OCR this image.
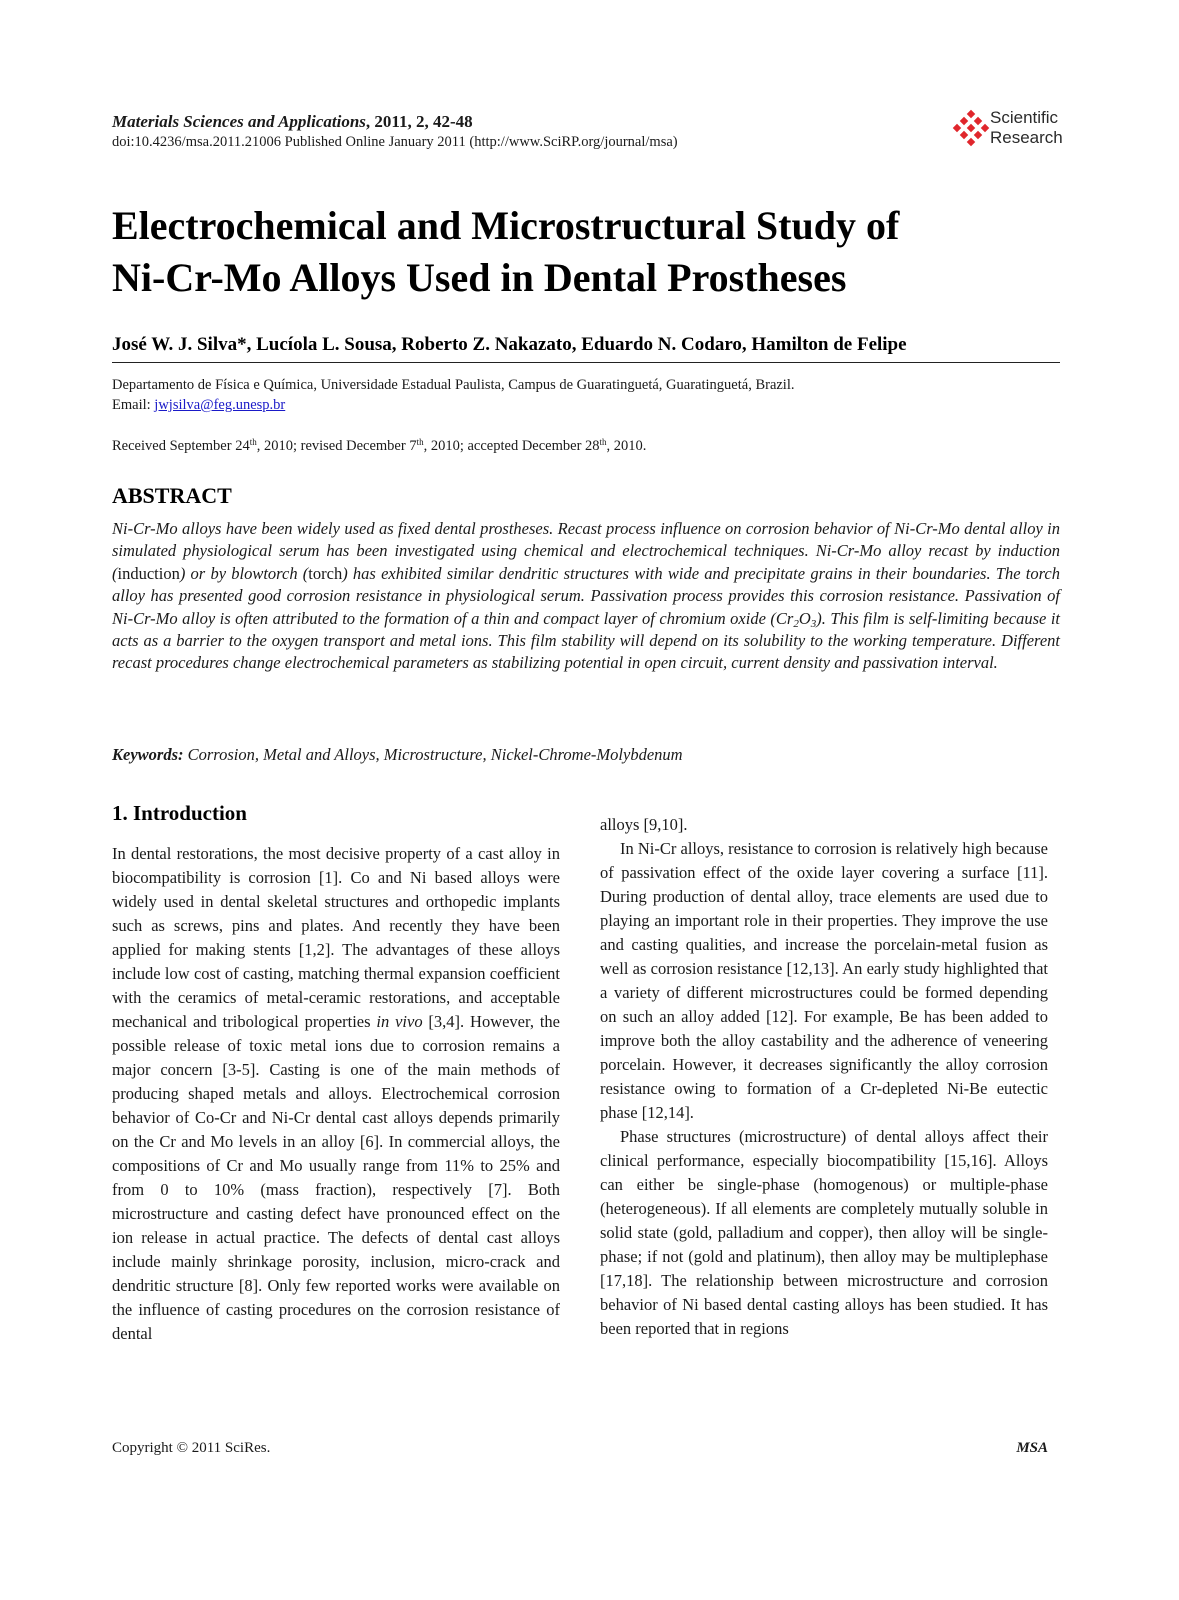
Materials Sciences and Applications, 2011, 2, 42-48
doi:10.4236/msa.2011.21006 Published Online January 2011 (http://www.SciRP.org/journal/msa)
Scientific
Research
Electrochemical and Microstructural Study of
Ni-Cr-Mo Alloys Used in Dental Prostheses
José W. J. Silva*, Lucíola L. Sousa, Roberto Z. Nakazato, Eduardo N. Codaro, Hamilton de Felipe
Departamento de Física e Química, Universidade Estadual Paulista, Campus de Guaratinguetá, Guaratinguetá, Brazil.
Email: jwjsilva@feg.unesp.br
Received September 24th, 2010; revised December 7th, 2010; accepted December 28th, 2010.
ABSTRACT
Ni-Cr-Mo alloys have been widely used as fixed dental prostheses. Recast process influence on corrosion behavior of Ni-Cr-Mo dental alloy in simulated physiological serum has been investigated using chemical and electrochemical techniques. Ni-Cr-Mo alloy recast by induction (induction) or by blowtorch (torch) has exhibited similar dendritic structures with wide and precipitate grains in their boundaries. The torch alloy has presented good corrosion resistance in physiological serum. Passivation process provides this corrosion resistance. Passivation of Ni-Cr-Mo alloy is often attributed to the formation of a thin and compact layer of chromium oxide $(Cr_2O_3)$. This film is self-limiting because it acts as a barrier to the oxygen transport and metal ions. This film stability will depend on its solubility to the working temperature. Different recast procedures change electrochemical parameters as stabilizing potential in open circuit, current density and passivation interval.
Keywords: Corrosion, Metal and Alloys, Microstructure, Nickel-Chrome-Molybdenum
1. Introduction

In dental restorations, the most decisive property of a cast alloy in biocompatibility is corrosion [1]. Co and Ni based alloys were widely used in dental skeletal structures and orthopedic implants such as screws, pins and plates. And recently they have been applied for making stents [1,2]. The advantages of these alloys include low cost of casting, matching thermal expansion coefficient with the ceramics of metal-ceramic restorations, and acceptable mechanical and tribological properties in vivo [3,4]. However, the possible release of toxic metal ions due to corrosion remains a major concern [3-5]. Casting is one of the main methods of producing shaped metals and alloys. Electrochemical corrosion behavior of Co-Cr and Ni-Cr dental cast alloys depends primarily on the Cr and Mo levels in an alloy [6]. In commercial alloys, the compositions of Cr and Mo usually range from 11% to 25% and from 0 to 10% (mass fraction), respectively [7]. Both microstructure and casting defect have pronounced effect on the ion release in actual practice. The defects of dental cast alloys include mainly shrinkage porosity, inclusion, micro-crack and dendritic structure [8]. Only few reported works were available on the influence of casting procedures on the corrosion resistance of dental

alloys [9,10].

In Ni-Cr alloys, resistance to corrosion is relatively high because of passivation effect of the oxide layer covering a surface [11]. During production of dental alloy, trace elements are used due to playing an important role in their properties. They improve the use and casting qualities, and increase the porcelain-metal fusion as well as corrosion resistance [12,13]. An early study highlighted that a variety of different microstructures could be formed depending on such an alloy added [12]. For example, Be has been added to improve both the alloy castability and the adherence of veneering porcelain. However, it decreases significantly the alloy corrosion resistance owing to formation of a Cr-depleted Ni-Be eutectic phase [12,14].

Phase structures (microstructure) of dental alloys affect their clinical performance, especially biocompatibility [15,16]. Alloys can either be single-phase (homogenous) or multiple-phase (heterogeneous). If all elements are completely mutually soluble in solid state (gold, palladium and copper), then alloy will be single-phase; if not (gold and platinum), then alloy may be multiplephase [17,18]. The relationship between microstructure and corrosion behavior of Ni based dental casting alloys has been studied. It has been reported that in regions

Copyright © 2011 SciRes.	MSA
